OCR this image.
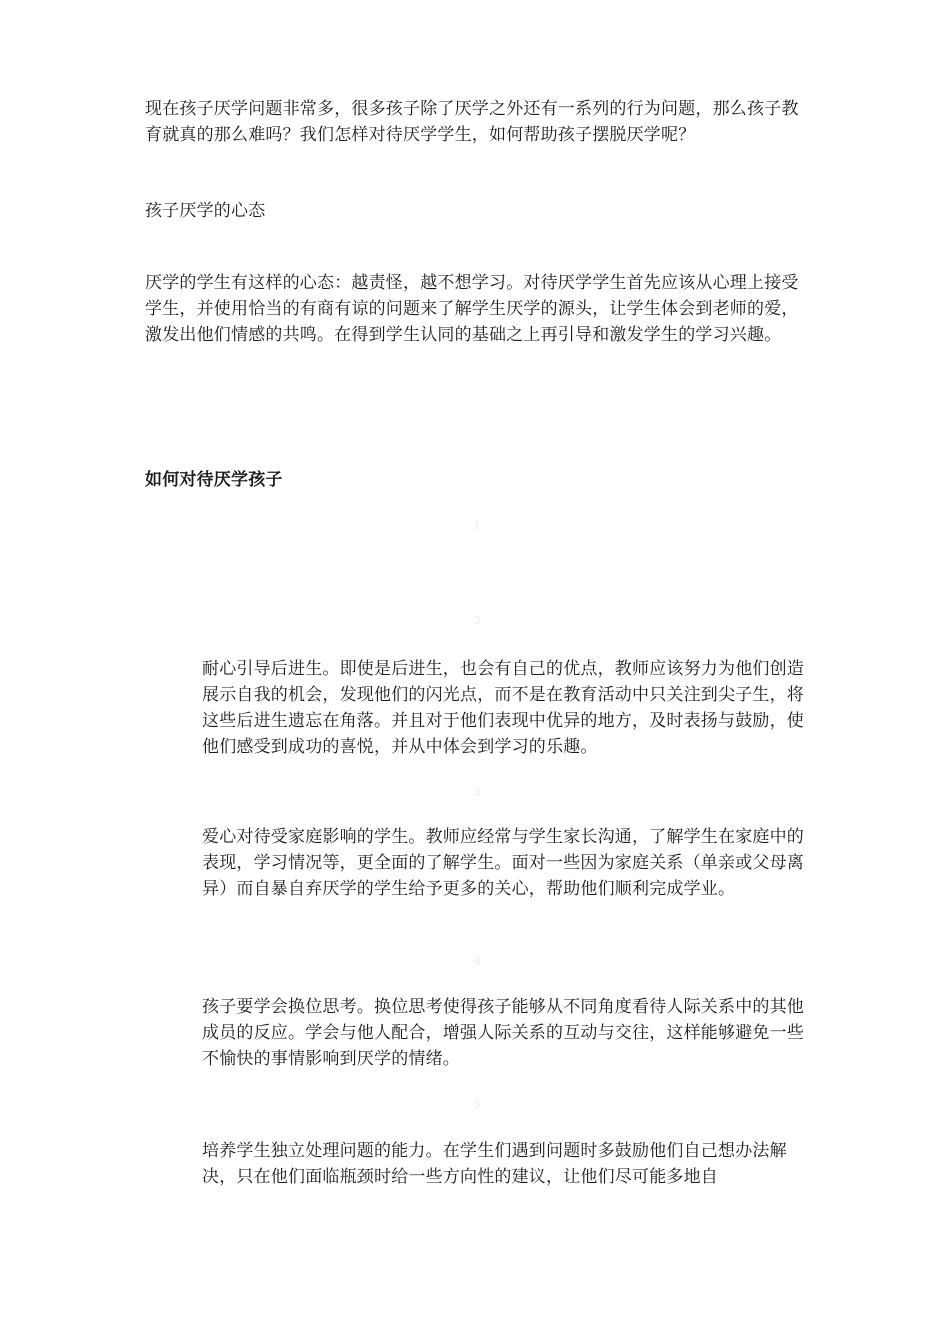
现在孩子厌学问题非常多，很多孩子除了厌学之外还有一系列的行为问题，那么孩子教育就真的那么难吗？我们怎样对待厌学学生，如何帮助孩子摆脱厌学呢？

孩子厌学的心态

厌学的学生有这样的心态：越责怪，越不想学习。对待厌学学生首先应该从心理上接受学生，并使用恰当的有商有谅的问题来了解学生厌学的源头，让学生体会到老师的爱，激发出他们情感的共鸣。在得到学生认同的基础之上再引导和激发学生的学习兴趣。

如何对待厌学孩子

1
2

耐心引导后进生。即使是后进生，也会有自己的优点，教师应该努力为他们创造展示自我的机会，发现他们的闪光点，而不是在教育活动中只关注到尖子生，将这些后进生遗忘在角落。并且对于他们表现中优异的地方，及时表扬与鼓励，使他们感受到成功的喜悦，并从中体会到学习的乐趣。

3

爱心对待受家庭影响的学生。教师应经常与学生家长沟通，了解学生在家庭中的表现，学习情况等，更全面的了解学生。面对一些因为家庭关系（单亲或父母离异）而自暴自弃厌学的学生给予更多的关心，帮助他们顺利完成学业。

4

孩子要学会换位思考。换位思考使得孩子能够从不同角度看待人际关系中的其他成员的反应。学会与他人配合，增强人际关系的互动与交往，这样能够避免一些不愉快的事情影响到厌学的情绪。

5

培养学生独立处理问题的能力。在学生们遇到问题时多鼓励他们自己想办法解决，只在他们面临瓶颈时给一些方向性的建议，让他们尽可能多地自
